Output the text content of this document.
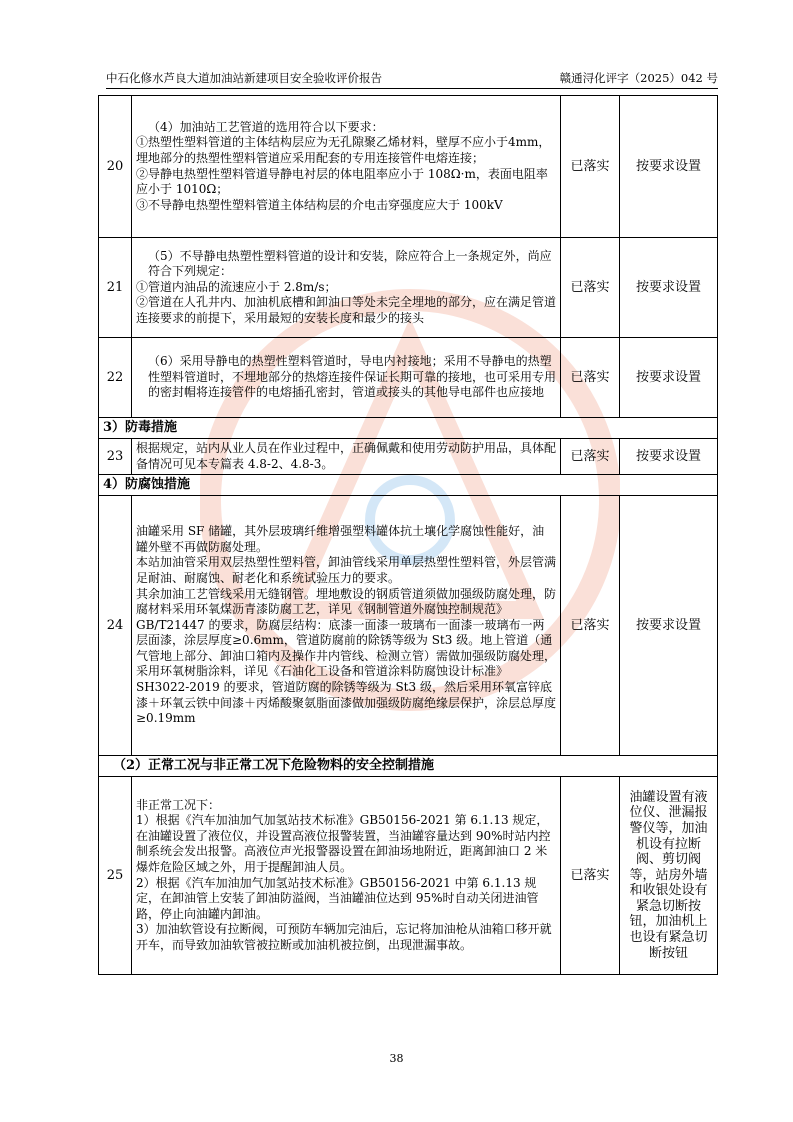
中石化修水芦良大道加油站新建项目安全验收评价报告	赣通浔化评字（2025）042 号
20	（4）加油站工艺管道的选用符合以下要求：
①热塑性塑料管道的主体结构层应为无孔隙聚乙烯材料，壁厚不应小于4mm，埋地部分的热塑性塑料管道应采用配套的专用连接管件电熔连接；
②导静电热塑性塑料管道导静电衬层的体电阻率应小于 108Ω·m，表面电阻率应小于 1010Ω；
③不导静电热塑性塑料管道主体结构层的介电击穿强度应大于 100kV	已落实	按要求设置
21	（5）不导静电热塑性塑料管道的设计和安装，除应符合上一条规定外，尚应符合下列规定：
①管道内油品的流速应小于 2.8m/s；
②管道在人孔井内、加油机底槽和卸油口等处未完全埋地的部分，应在满足管道连接要求的前提下，采用最短的安装长度和最少的接头	已落实	按要求设置
22	（6）采用导静电的热塑性塑料管道时，导电内衬接地；采用不导静电的热塑性塑料管道时，不埋地部分的热熔连接件保证长期可靠的接地，也可采用专用的密封帽将连接管件的电熔插孔密封，管道或接头的其他导电部件也应接地	已落实	按要求设置
3）防毒措施			
23	根据规定，站内从业人员在作业过程中，正确佩戴和使用劳动防护用品，具体配备情况可见本专篇表 4.8-2、4.8-3。	已落实	按要求设置
4）防腐蚀措施			
24	油罐采用 SF 储罐，其外层玻璃纤维增强塑料罐体抗土壤化学腐蚀性能好，油罐外壁不再做防腐处理。
本站加油管采用双层热塑性塑料管，卸油管线采用单层热塑性塑料管，外层管满足耐油、耐腐蚀、耐老化和系统试验压力的要求。
其余加油工艺管线采用无缝钢管。埋地敷设的钢质管道须做加强级防腐处理，防腐材料采用环氧煤沥青漆防腐工艺，详见《钢制管道外腐蚀控制规范》GB/T21447 的要求，防腐层结构：底漆一面漆一玻璃布一面漆一玻璃布一两层面漆，涂层厚度≥0.6mm，管道防腐前的除锈等级为 St3 级。地上管道（通气管地上部分、卸油口箱内及操作井内管线、检测立管）需做加强级防腐处理，采用环氧树脂涂料，详见《石油化工设备和管道涂料防腐蚀设计标准》SH3022-2019 的要求，管道防腐的除锈等级为 St3 级，然后采用环氧富锌底漆＋环氧云铁中间漆＋丙烯酸聚氨脂面漆做加强级防腐绝缘层保护，涂层总厚度≥0.19mm	已落实	按要求设置
（2）正常工况与非正常工况下危险物料的安全控制措施			
25	非正常工况下：
1）根据《汽车加油加气加氢站技术标准》GB50156-2021 第 6.1.13 规定，在油罐设置了液位仪，并设置高液位报警装置，当油罐容量达到 90%时站内控制系统会发出报警。高液位声光报警器设置在卸油场地附近，距离卸油口 2 米爆炸危险区域之外，用于提醒卸油人员。
2）根据《汽车加油加气加氢站技术标准》GB50156-2021 中第 6.1.13 规定，在卸油管上安装了卸油防溢阀，当油罐油位达到 95%时自动关闭进油管路，停止向油罐内卸油。
3）加油软管设有拉断阀，可预防车辆加完油后，忘记将加油枪从油箱口移开就开车，而导致加油软管被拉断或加油机被拉倒，出现泄漏事故。	已落实	油罐设置有液位仪、泄漏报警仪等，加油机设有拉断阀、剪切阀等，站房外墙和收银处设有紧急切断按钮，加油机上也设有紧急切断按钮
38
